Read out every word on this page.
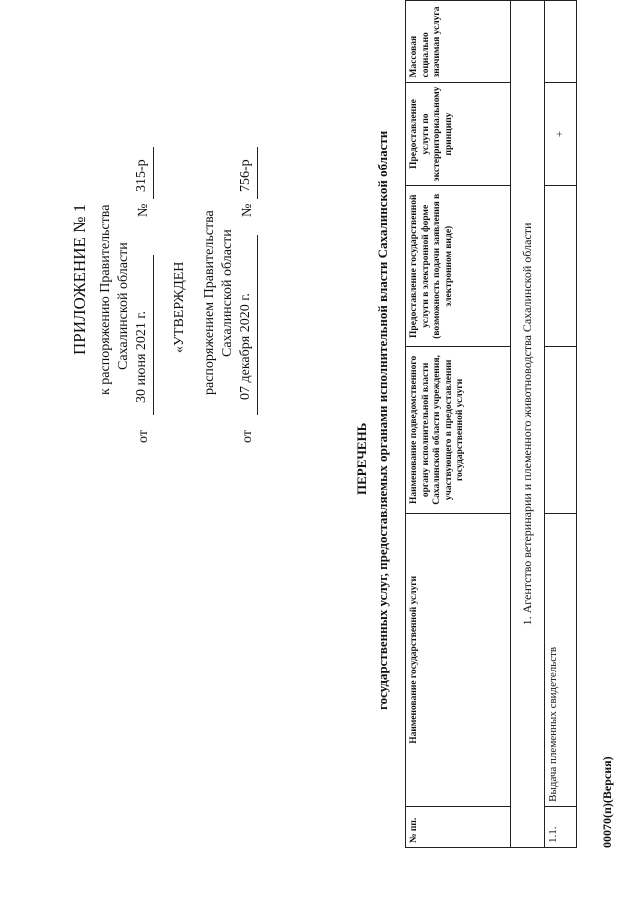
ПРИЛОЖЕНИЕ № 1 к распоряжению Правительства Сахалинской области
от
30 июня 2021 г.
№
315-р
«УТВЕРЖДЕН распоряжением Правительства Сахалинской области
от
07 декабря 2020 г.
№
756-р
ПЕРЕЧЕНЬ государственных услуг, предоставляемых органами исполнительной власти Сахалинской области
№ пп.	Наименование государственной услуги	Наименование подведомственного органу исполнительной власти Сахалинской области учреждения, участвующего в предоставлении государственной услуги	Предоставление государственной услуги в электронной форме (возможность подачи заявления в электронном виде)	Предоставление услуги по экстерриториальному принципу	Массовая социально значимая услуга
1. Агентство ветеринарии и племенного животноводства Сахалинской области					
1.1.	Выдача племенных свидетельств			+	
00070(п)(Версия)
